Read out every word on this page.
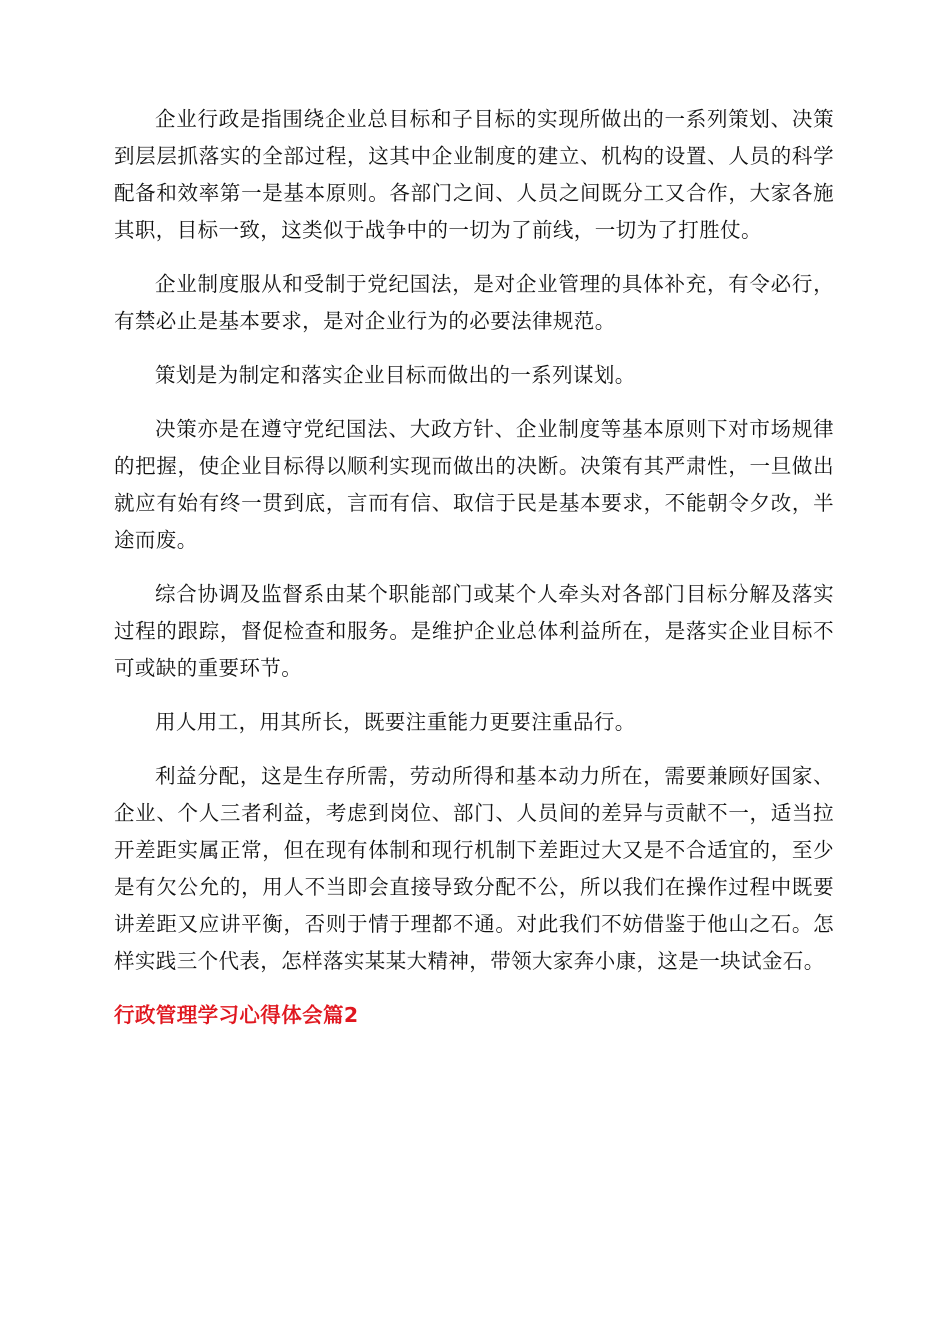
企业行政是指围绕企业总目标和子目标的实现所做出的一系列策划、决策到层层抓落实的全部过程，这其中企业制度的建立、机构的设置、人员的科学配备和效率第一是基本原则。各部门之间、人员之间既分工又合作，大家各施其职，目标一致，这类似于战争中的一切为了前线，一切为了打胜仗。

企业制度服从和受制于党纪国法，是对企业管理的具体补充，有令必行，有禁必止是基本要求，是对企业行为的必要法律规范。

策划是为制定和落实企业目标而做出的一系列谋划。

决策亦是在遵守党纪国法、大政方针、企业制度等基本原则下对市场规律的把握，使企业目标得以顺利实现而做出的决断。决策有其严肃性，一旦做出就应有始有终一贯到底，言而有信、取信于民是基本要求，不能朝令夕改，半途而废。

综合协调及监督系由某个职能部门或某个人牵头对各部门目标分解及落实过程的跟踪，督促检查和服务。是维护企业总体利益所在，是落实企业目标不可或缺的重要环节。

用人用工，用其所长，既要注重能力更要注重品行。

利益分配，这是生存所需，劳动所得和基本动力所在，需要兼顾好国家、企业、个人三者利益，考虑到岗位、部门、人员间的差异与贡献不一，适当拉开差距实属正常，但在现有体制和现行机制下差距过大又是不合适宜的，至少是有欠公允的，用人不当即会直接导致分配不公，所以我们在操作过程中既要讲差距又应讲平衡，否则于情于理都不通。对此我们不妨借鉴于他山之石。怎样实践三个代表，怎样落实某某大精神，带领大家奔小康，这是一块试金石。

行政管理学习心得体会篇2
